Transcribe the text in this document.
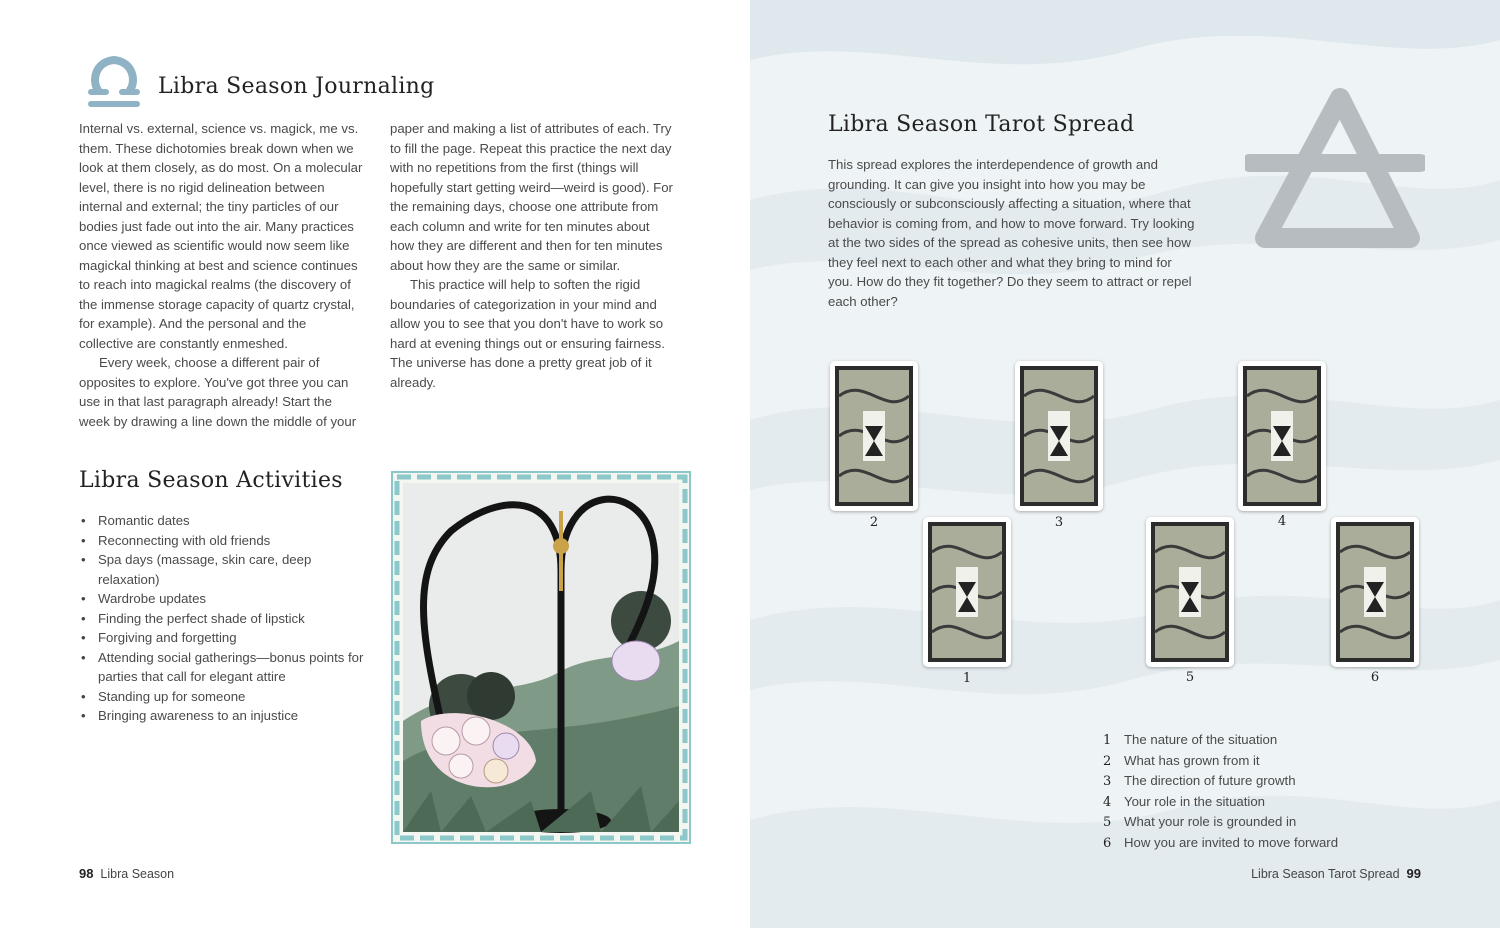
Libra Season Journaling

Internal vs. external, science vs. magick, me vs. them. These dichotomies break down when we look at them closely, as do most. On a molecular level, there is no rigid delineation between internal and external; the tiny particles of our bodies just fade out into the air. Many practices once viewed as scientific would now seem like magickal thinking at best and science continues to reach into magickal realms (the discovery of the immense storage capacity of quartz crystal, for example). And the personal and the collective are constantly enmeshed.

Every week, choose a different pair of opposites to explore. You've got three you can use in that last paragraph already! Start the week by drawing a line down the middle of your

paper and making a list of attributes of each. Try to fill the page. Repeat this practice the next day with no repetitions from the first (things will hopefully start getting weird—weird is good). For the remaining days, choose one attribute from each column and write for ten minutes about how they are different and then for ten minutes about how they are the same or similar.

This practice will help to soften the rigid boundaries of categorization in your mind and allow you to see that you don't have to work so hard at evening things out or ensuring fairness. The universe has done a pretty great job of it already.

Libra Season Activities
• Romantic dates
• Reconnecting with old friends
• Spa days (massage, skin care, deep relaxation)
• Wardrobe updates
• Finding the perfect shade of lipstick
• Forgiving and forgetting
• Attending social gatherings—bonus points for parties that call for elegant attire
• Standing up for someone
• Bringing awareness to an injustice
98 Libra Season
Libra Season Tarot Spread

This spread explores the interdependence of growth and grounding. It can give you insight into how you may be consciously or subconsciously affecting a situation, where that behavior is coming from, and how to move forward. Try looking at the two sides of the spread as cohesive units, then see how they feel next to each other and what they bring to mind for you. How do they fit together? Do they seem to attract or repel each other?

2	3	4
1	5	6
1 The nature of the situation
2 What has grown from it
3 The direction of future growth
4 Your role in the situation
5 What your role is grounded in
6 How you are invited to move forward
Libra Season Tarot Spread 99
